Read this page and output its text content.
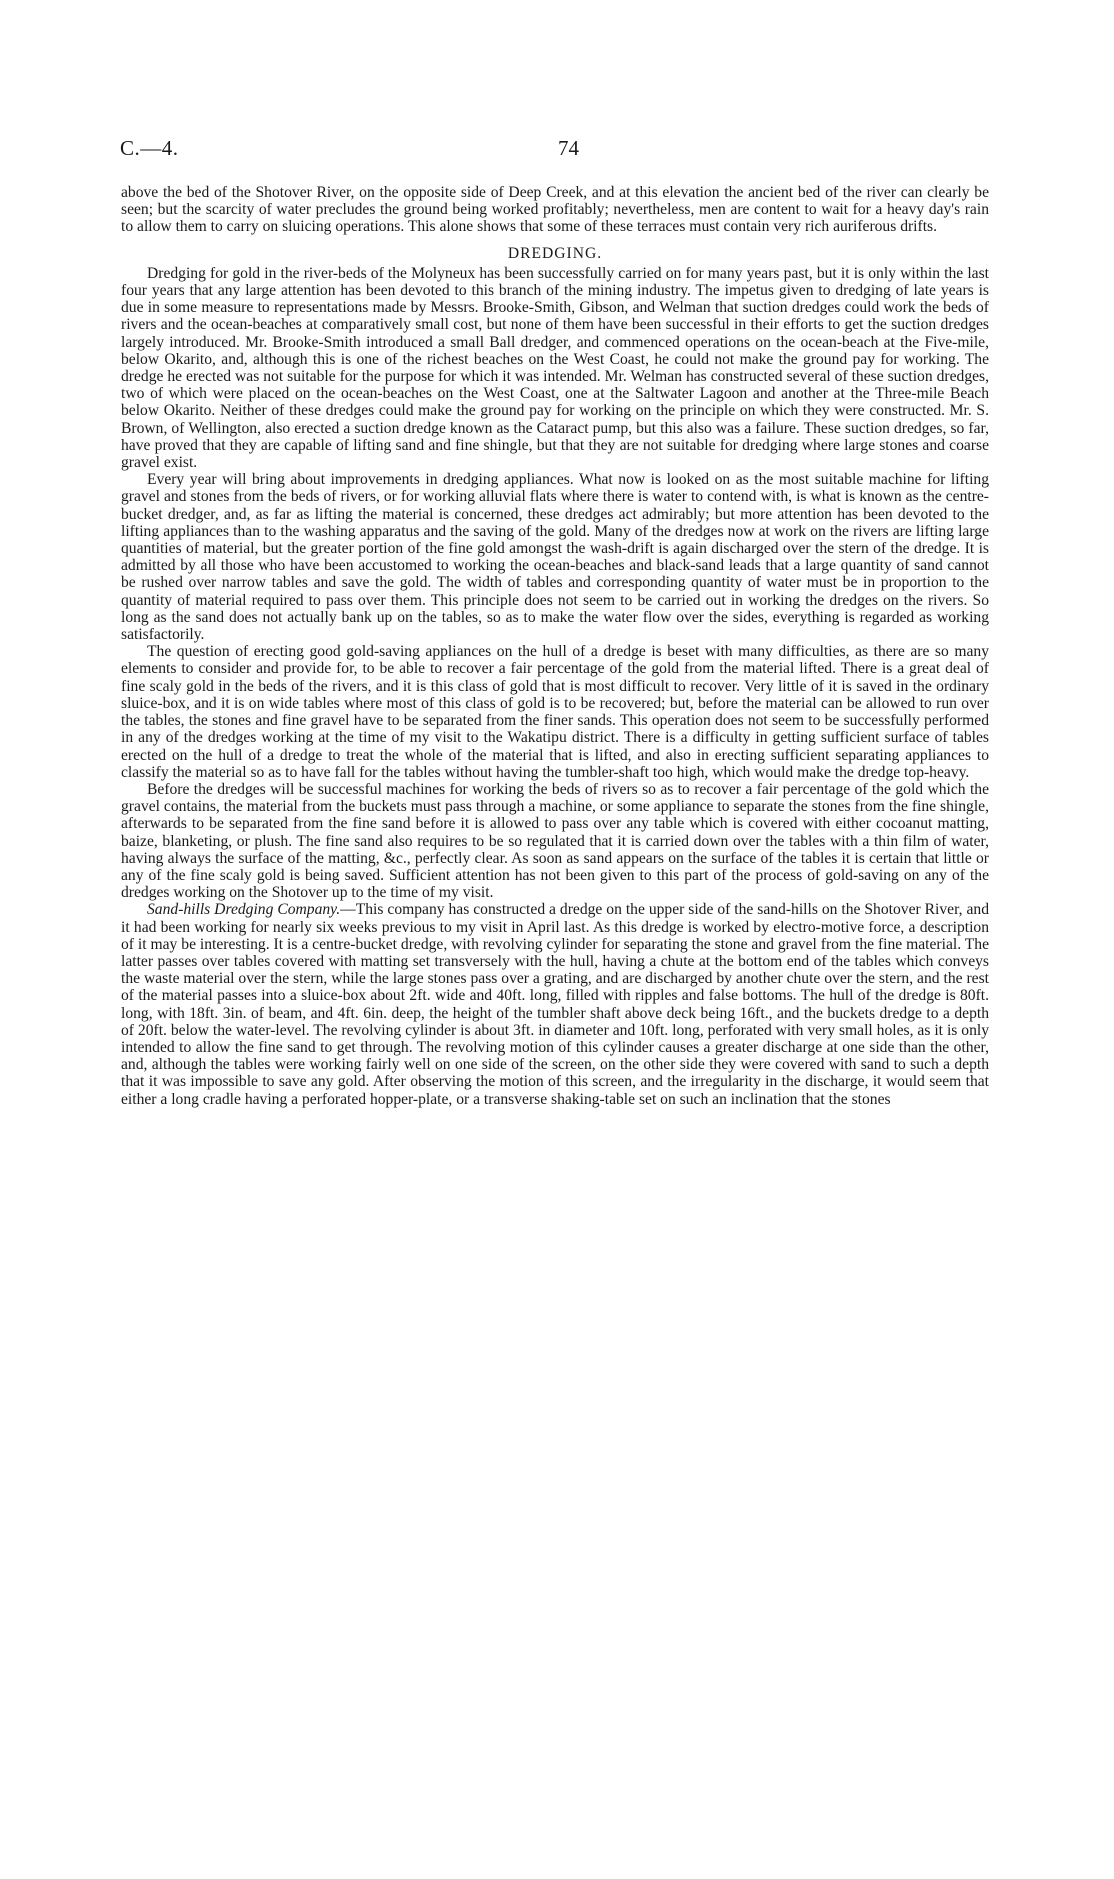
C.—4.	74

above the bed of the Shotover River, on the opposite side of Deep Creek, and at this elevation the ancient bed of the river can clearly be seen; but the scarcity of water precludes the ground being worked profitably; nevertheless, men are content to wait for a heavy day's rain to allow them to carry on sluicing operations. This alone shows that some of these terraces must contain very rich auriferous drifts.

DREDGING.

Dredging for gold in the river-beds of the Molyneux has been successfully carried on for many years past, but it is only within the last four years that any large attention has been devoted to this branch of the mining industry. The impetus given to dredging of late years is due in some measure to representations made by Messrs. Brooke-Smith, Gibson, and Welman that suction dredges could work the beds of rivers and the ocean-beaches at comparatively small cost, but none of them have been successful in their efforts to get the suction dredges largely introduced. Mr. Brooke-Smith introduced a small Ball dredger, and commenced operations on the ocean-beach at the Five-mile, below Okarito, and, although this is one of the richest beaches on the West Coast, he could not make the ground pay for working. The dredge he erected was not suitable for the purpose for which it was intended. Mr. Welman has constructed several of these suction dredges, two of which were placed on the ocean-beaches on the West Coast, one at the Saltwater Lagoon and another at the Three-mile Beach below Okarito. Neither of these dredges could make the ground pay for working on the principle on which they were constructed. Mr. S. Brown, of Wellington, also erected a suction dredge known as the Cataract pump, but this also was a failure. These suction dredges, so far, have proved that they are capable of lifting sand and fine shingle, but that they are not suitable for dredging where large stones and coarse gravel exist.

Every year will bring about improvements in dredging appliances. What now is looked on as the most suitable machine for lifting gravel and stones from the beds of rivers, or for working alluvial flats where there is water to contend with, is what is known as the centre-bucket dredger, and, as far as lifting the material is concerned, these dredges act admirably; but more attention has been devoted to the lifting appliances than to the washing apparatus and the saving of the gold. Many of the dredges now at work on the rivers are lifting large quantities of material, but the greater portion of the fine gold amongst the wash-drift is again discharged over the stern of the dredge. It is admitted by all those who have been accustomed to working the ocean-beaches and black-sand leads that a large quantity of sand cannot be rushed over narrow tables and save the gold. The width of tables and corresponding quantity of water must be in proportion to the quantity of material required to pass over them. This principle does not seem to be carried out in working the dredges on the rivers. So long as the sand does not actually bank up on the tables, so as to make the water flow over the sides, everything is regarded as working satisfactorily.

The question of erecting good gold-saving appliances on the hull of a dredge is beset with many difficulties, as there are so many elements to consider and provide for, to be able to recover a fair percentage of the gold from the material lifted. There is a great deal of fine scaly gold in the beds of the rivers, and it is this class of gold that is most difficult to recover. Very little of it is saved in the ordinary sluice-box, and it is on wide tables where most of this class of gold is to be recovered; but, before the material can be allowed to run over the tables, the stones and fine gravel have to be separated from the finer sands. This operation does not seem to be successfully performed in any of the dredges working at the time of my visit to the Wakatipu district. There is a difficulty in getting sufficient surface of tables erected on the hull of a dredge to treat the whole of the material that is lifted, and also in erecting sufficient separating appliances to classify the material so as to have fall for the tables without having the tumbler-shaft too high, which would make the dredge top-heavy.

Before the dredges will be successful machines for working the beds of rivers so as to recover a fair percentage of the gold which the gravel contains, the material from the buckets must pass through a machine, or some appliance to separate the stones from the fine shingle, afterwards to be separated from the fine sand before it is allowed to pass over any table which is covered with either cocoanut matting, baize, blanketing, or plush. The fine sand also requires to be so regulated that it is carried down over the tables with a thin film of water, having always the surface of the matting, &c., perfectly clear. As soon as sand appears on the surface of the tables it is certain that little or any of the fine scaly gold is being saved. Sufficient attention has not been given to this part of the process of gold-saving on any of the dredges working on the Shotover up to the time of my visit.

Sand-hills Dredging Company.—This company has constructed a dredge on the upper side of the sand-hills on the Shotover River, and it had been working for nearly six weeks previous to my visit in April last. As this dredge is worked by electro-motive force, a description of it may be interesting. It is a centre-bucket dredge, with revolving cylinder for separating the stone and gravel from the fine material. The latter passes over tables covered with matting set transversely with the hull, having a chute at the bottom end of the tables which conveys the waste material over the stern, while the large stones pass over a grating, and are discharged by another chute over the stern, and the rest of the material passes into a sluice-box about 2ft. wide and 40ft. long, filled with ripples and false bottoms. The hull of the dredge is 80ft. long, with 18ft. 3in. of beam, and 4ft. 6in. deep, the height of the tumbler shaft above deck being 16ft., and the buckets dredge to a depth of 20ft. below the water-level. The revolving cylinder is about 3ft. in diameter and 10ft. long, perforated with very small holes, as it is only intended to allow the fine sand to get through. The revolving motion of this cylinder causes a greater discharge at one side than the other, and, although the tables were working fairly well on one side of the screen, on the other side they were covered with sand to such a depth that it was impossible to save any gold. After observing the motion of this screen, and the irregularity in the discharge, it would seem that either a long cradle having a perforated hopper-plate, or a transverse shaking-table set on such an inclination that the stones
